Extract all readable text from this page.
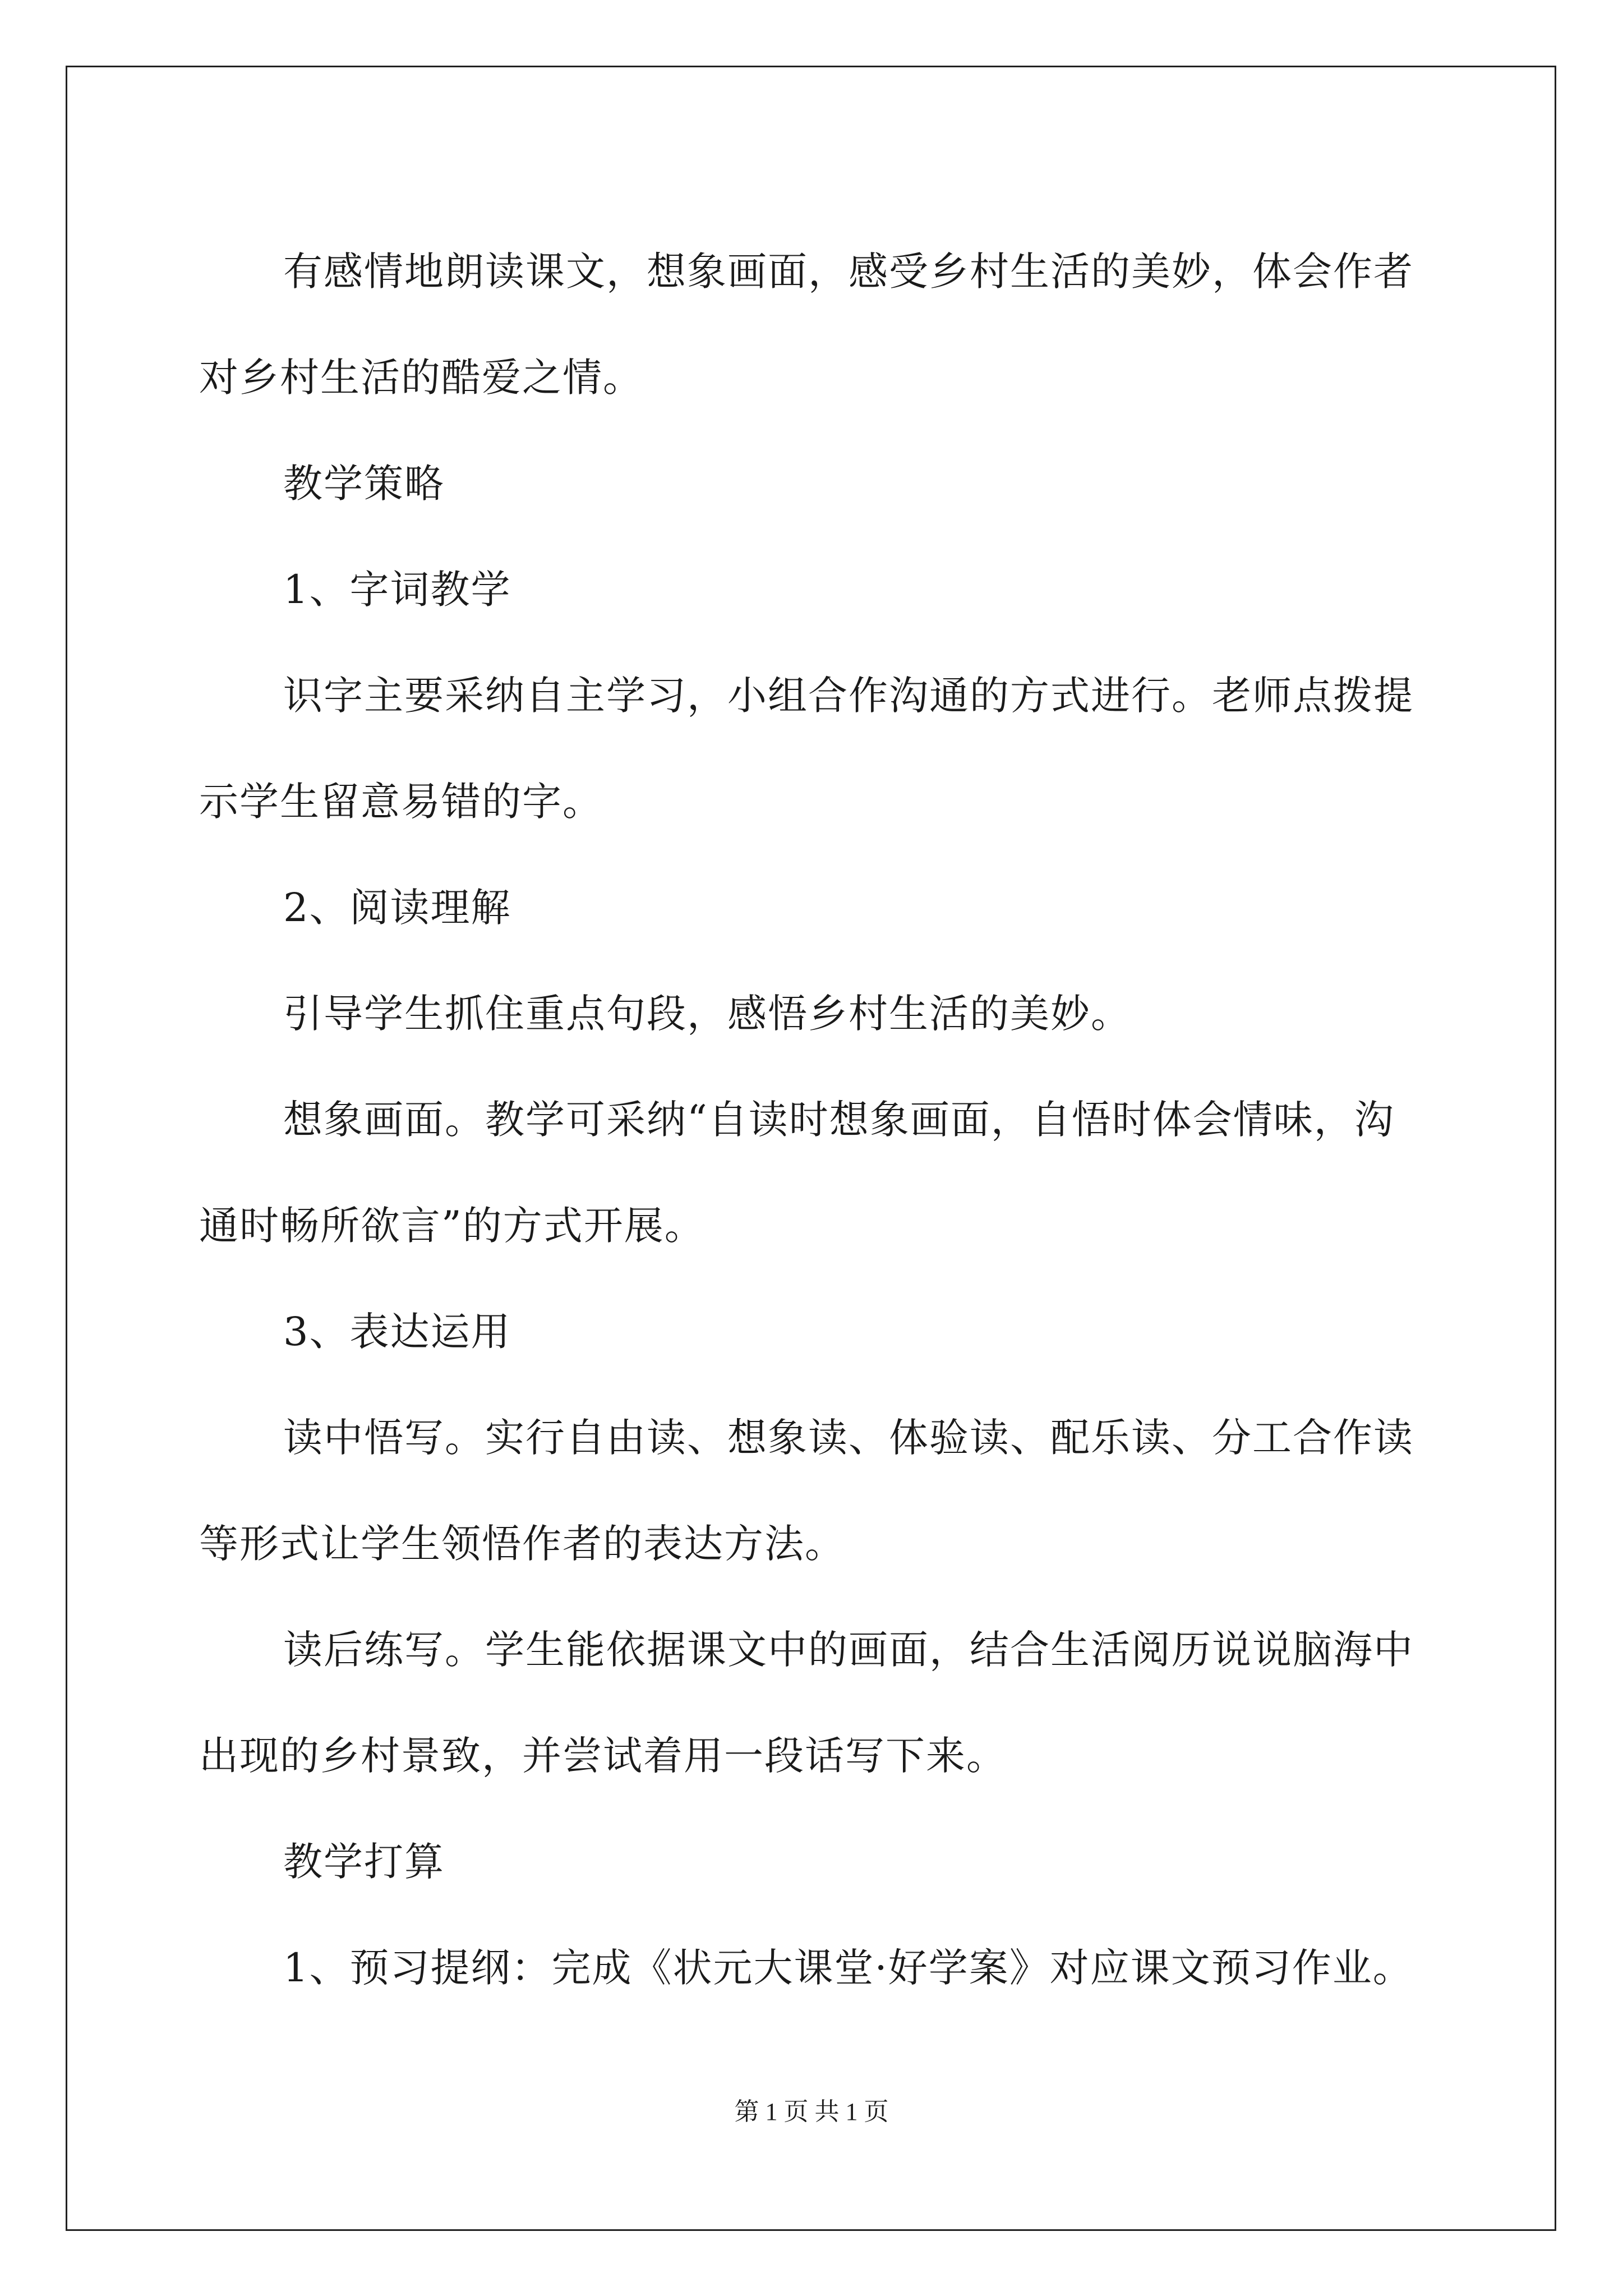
有感情地朗读课文，想象画面，感受乡村生活的美妙，体会作者

对乡村生活的酷爱之情。

教学策略

1、字词教学

识字主要采纳自主学习，小组合作沟通的方式进行。老师点拨提

示学生留意易错的字。

2、阅读理解

引导学生抓住重点句段，感悟乡村生活的美妙。

想象画面。教学可采纳“自读时想象画面，自悟时体会情味，沟

通时畅所欲言”的方式开展。

3、表达运用

读中悟写。实行自由读、想象读、体验读、配乐读、分工合作读

等形式让学生领悟作者的表达方法。

读后练写。学生能依据课文中的画面，结合生活阅历说说脑海中

出现的乡村景致，并尝试着用一段话写下来。

教学打算

1、预习提纲：完成《状元大课堂·好学案》对应课文预习作业。

第 1 页 共 1 页
